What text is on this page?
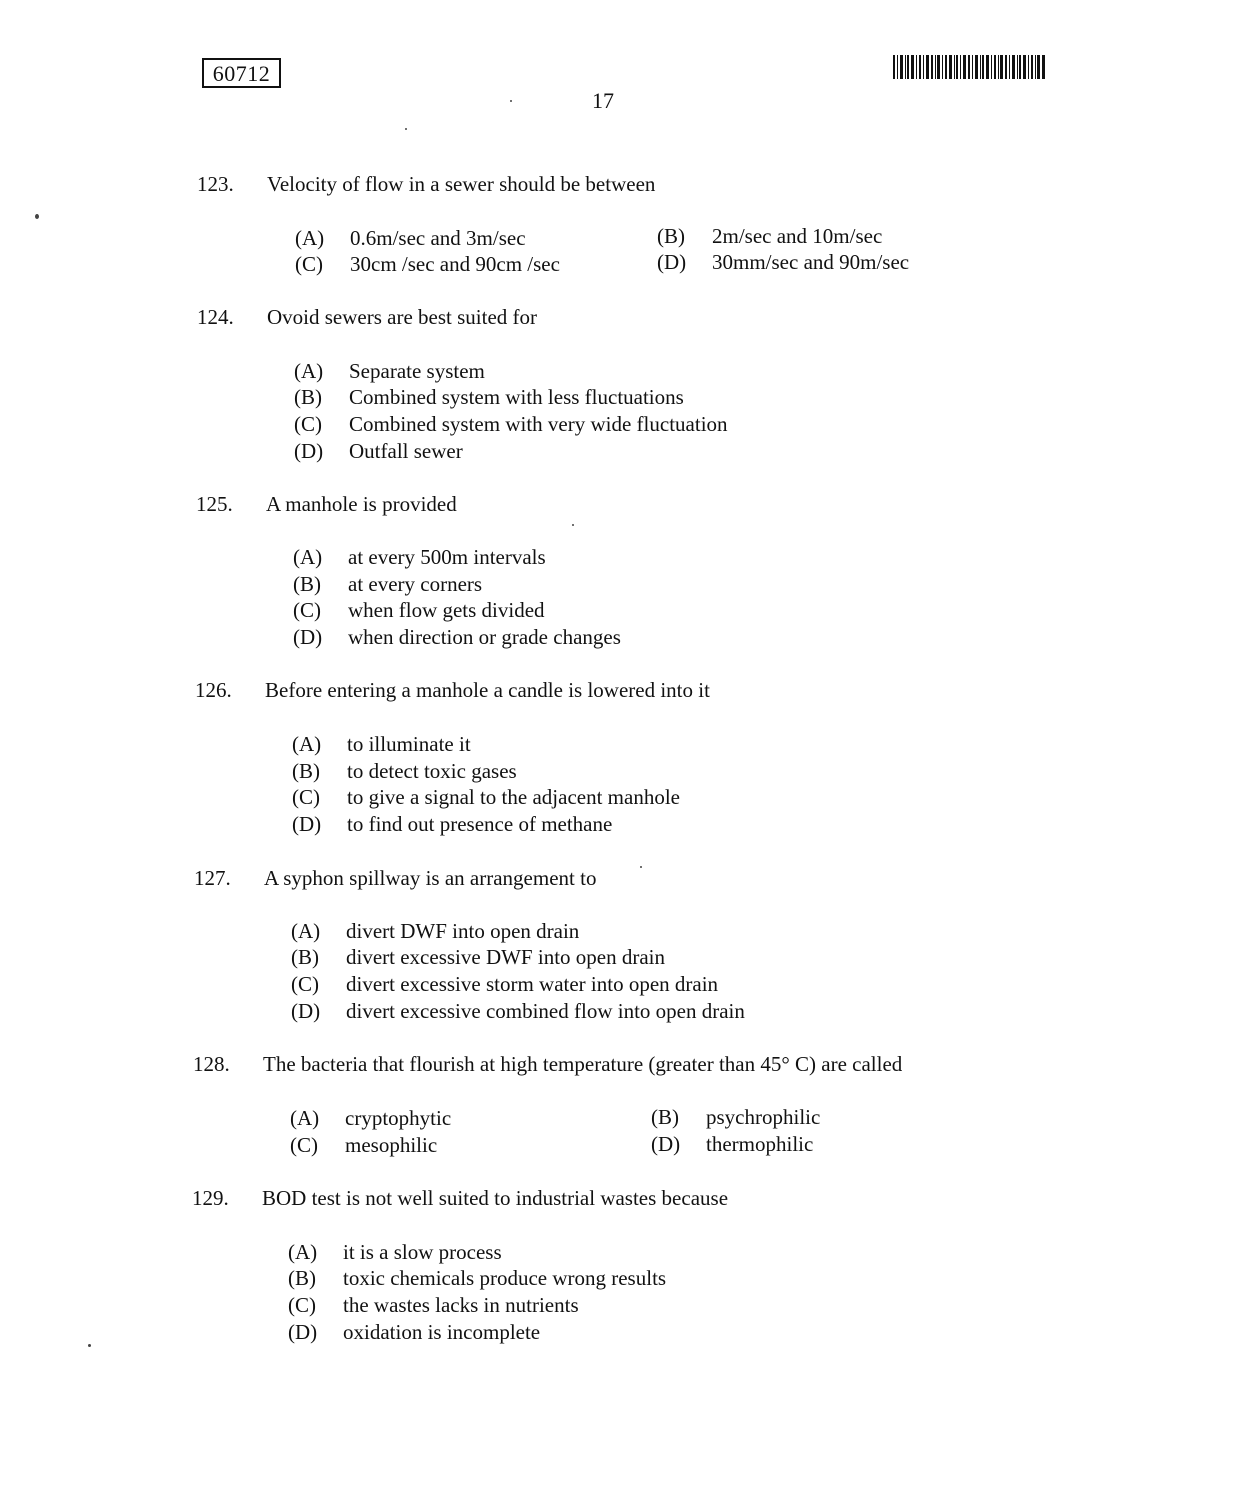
60712
17
123. Velocity of flow in a sewer should be between
(A) 0.6m/sec and 3m/sec	(B) 2m/sec and 10m/sec
(C) 30cm /sec and 90cm /sec	(D) 30mm/sec and 90m/sec
124. Ovoid sewers are best suited for
(A) Separate system
(B) Combined system with less fluctuations
(C) Combined system with very wide fluctuation
(D) Outfall sewer
125. A manhole is provided
(A) at every 500m intervals
(B) at every corners
(C) when flow gets divided
(D) when direction or grade changes
126. Before entering a manhole a candle is lowered into it
(A) to illuminate it
(B) to detect toxic gases
(C) to give a signal to the adjacent manhole
(D) to find out presence of methane
127. A syphon spillway is an arrangement to
(A) divert DWF into open drain
(B) divert excessive DWF into open drain
(C) divert excessive storm water into open drain
(D) divert excessive combined flow into open drain
128. The bacteria that flourish at high temperature (greater than 45° C) are called
(A) cryptophytic	(B) psychrophilic
(C) mesophilic	(D) thermophilic
129. BOD test is not well suited to industrial wastes because
(A) it is a slow process
(B) toxic chemicals produce wrong results
(C) the wastes lacks in nutrients
(D) oxidation is incomplete
